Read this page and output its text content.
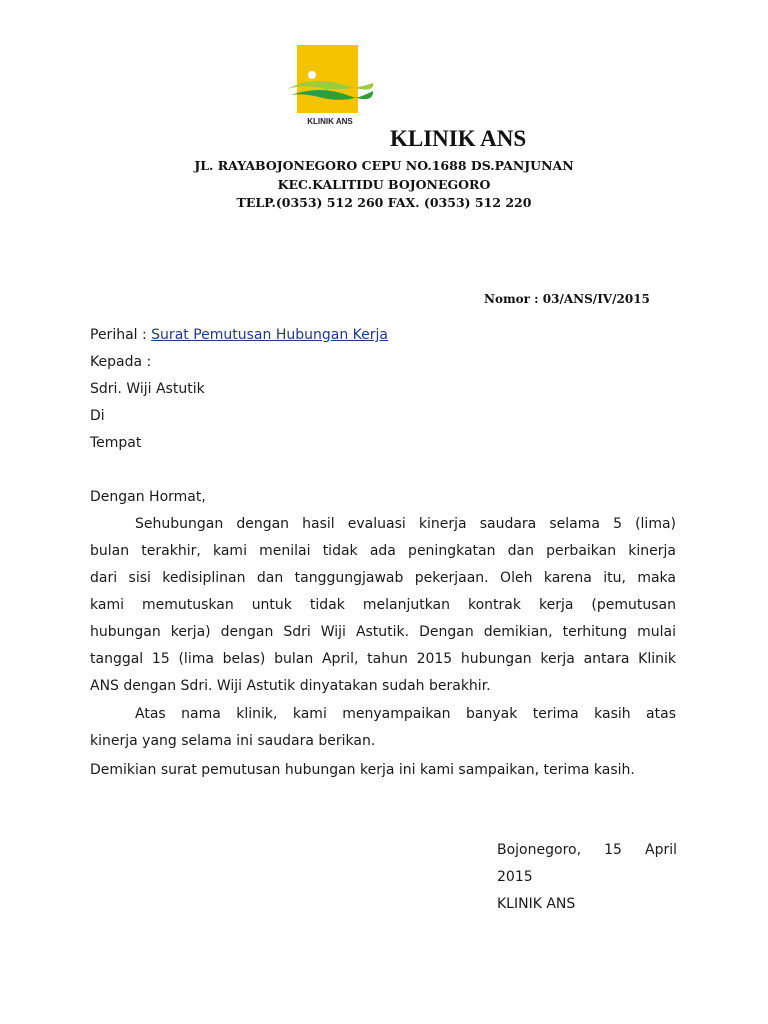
KLINIK ANS
KLINIK ANS

JL. RAYABOJONEGORO CEPU NO.1688 DS.PANJUNAN

KEC.KALITIDU BOJONEGORO

TELP.(0353) 512 260 FAX. (0353) 512 220

Nomor : 03/ANS/IV/2015

Perihal : Surat Pemutusan Hubungan Kerja

Kepada :

Sdri. Wiji Astutik

Di

Tempat

Dengan Hormat,

Sehubungan dengan hasil evaluasi kinerja saudara selama 5 (lima)

bulan terakhir, kami menilai tidak ada peningkatan dan perbaikan kinerja

dari sisi kedisiplinan dan tanggungjawab pekerjaan. Oleh karena itu, maka

kami memutuskan untuk tidak melanjutkan kontrak kerja (pemutusan

hubungan kerja) dengan Sdri Wiji Astutik. Dengan demikian, terhitung mulai

tanggal 15 (lima belas) bulan April, tahun 2015 hubungan kerja antara Klinik

ANS dengan Sdri. Wiji Astutik dinyatakan sudah berakhir.

Atas nama klinik, kami menyampaikan banyak terima kasih atas

kinerja yang selama ini saudara berikan.

Demikian surat pemutusan hubungan kerja ini kami sampaikan, terima kasih.

Bojonegoro, 15 April

2015

KLINIK ANS
